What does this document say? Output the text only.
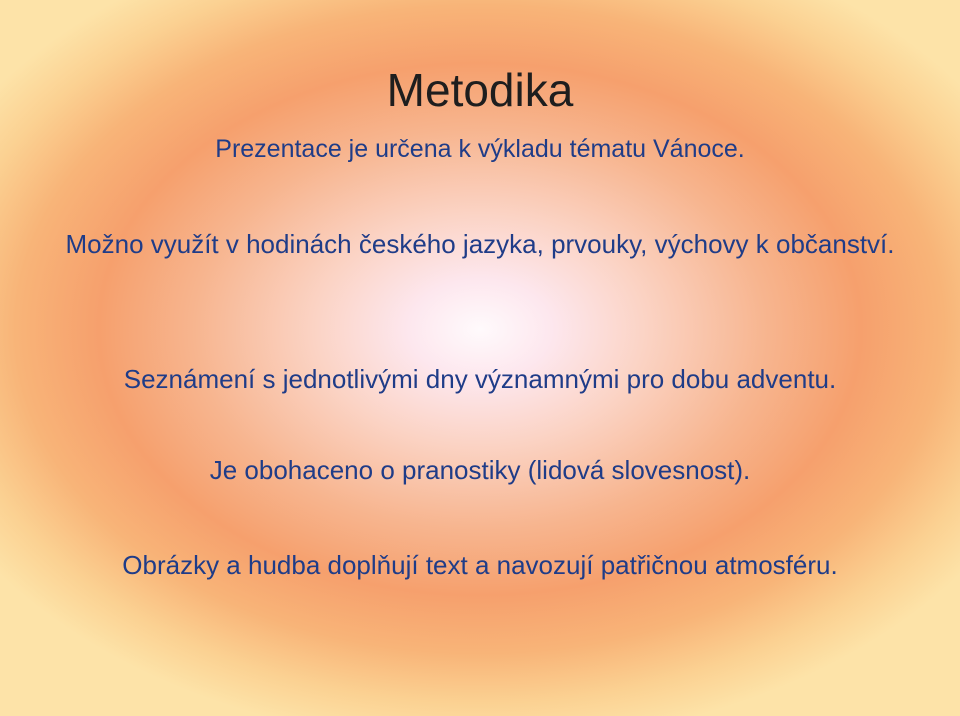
Metodika
Prezentace je určena k výkladu tématu Vánoce.
Možno využít v hodinách českého jazyka, prvouky, výchovy k občanství.
Seznámení s jednotlivými dny významnými pro dobu adventu.
Je obohaceno o pranostiky (lidová slovesnost).
Obrázky a hudba doplňují text a navozují patřičnou atmosféru.
